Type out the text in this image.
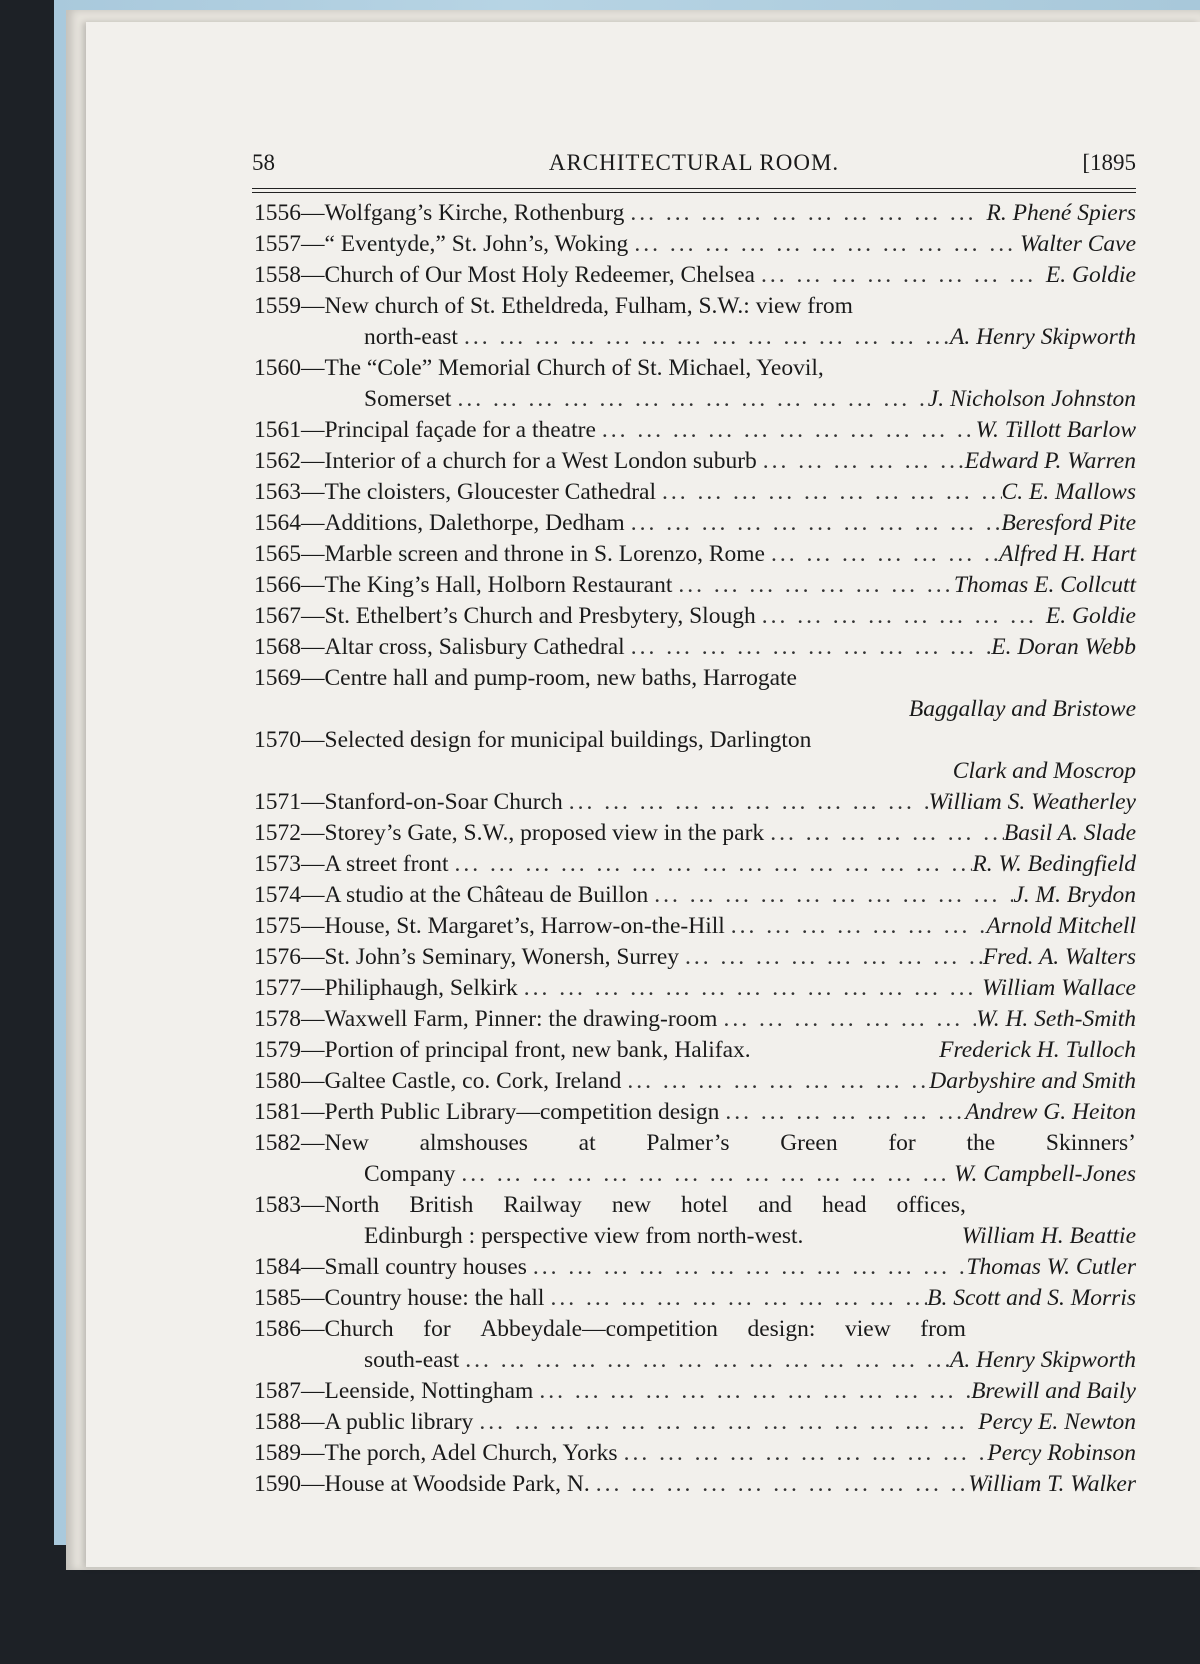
ARCHITECTURAL ROOM.
58	[1895
1556—Wolfgang’s Kirche, Rothenburg ... .	R. Phené Spiers
1557—“ Eventyde,” St. John’s, Woking ... .	Walter Cave
1558—Church of Our Most Holy Redeemer, Chelsea ... .	E. Goldie
1559—New church of St. Etheldreda, Fulham, S.W.: view from
north-east ... .	A. Henry Skipworth
1560—The “Cole” Memorial Church of St. Michael, Yeovil,
Somerset ... .	J. Nicholson Johnston
1561—Principal façade for a theatre ... .	W. Tillott Barlow
1562—Interior of a church for a West London suburb ... .	Edward P. Warren
1563—The cloisters, Gloucester Cathedral ... .	C. E. Mallows
1564—Additions, Dalethorpe, Dedham ... .	Beresford Pite
1565—Marble screen and throne in S. Lorenzo, Rome ... .	Alfred H. Hart
1566—The King’s Hall, Holborn Restaurant ... .	Thomas E. Collcutt
1567—St. Ethelbert’s Church and Presbytery, Slough ... .	E. Goldie
1568—Altar cross, Salisbury Cathedral ... .	E. Doran Webb
1569—Centre hall and pump-room, new baths, Harrogate
Baggallay and Bristowe
1570—Selected design for municipal buildings, Darlington
Clark and Moscrop
1571—Stanford-on-Soar Church ... .	William S. Weatherley
1572—Storey’s Gate, S.W., proposed view in the park ... .	Basil A. Slade
1573—A street front ... .	R. W. Bedingfield
1574—A studio at the Château de Buillon ... .	J. M. Brydon
1575—House, St. Margaret’s, Harrow-on-the-Hill ... .	Arnold Mitchell
1576—St. John’s Seminary, Wonersh, Surrey ... .	Fred. A. Walters
1577—Philiphaugh, Selkirk ... .	William Wallace
1578—Waxwell Farm, Pinner: the drawing-room ... .	W. H. Seth-Smith
1579—Portion of principal front, new bank, Halifax.	Frederick H. Tulloch
1580—Galtee Castle, co. Cork, Ireland ... .	Darbyshire and Smith
1581—Perth Public Library—competition design ... .	Andrew G. Heiton
1582—New almshouses at Palmer’s Green for the Skinners’
Company ... .	W. Campbell-Jones
1583—North British Railway new hotel and head offices,
Edinburgh : perspective view from north-west.	William H. Beattie
1584—Small country houses ... .	Thomas W. Cutler
1585—Country house: the hall ... .	B. Scott and S. Morris
1586—Church for Abbeydale—competition design: view from
south-east ... .	A. Henry Skipworth
1587—Leenside, Nottingham ... .	Brewill and Baily
1588—A public library ... .	Percy E. Newton
1589—The porch, Adel Church, Yorks ... .	Percy Robinson
1590—House at Woodside Park, N. ... .	William T. Walker
